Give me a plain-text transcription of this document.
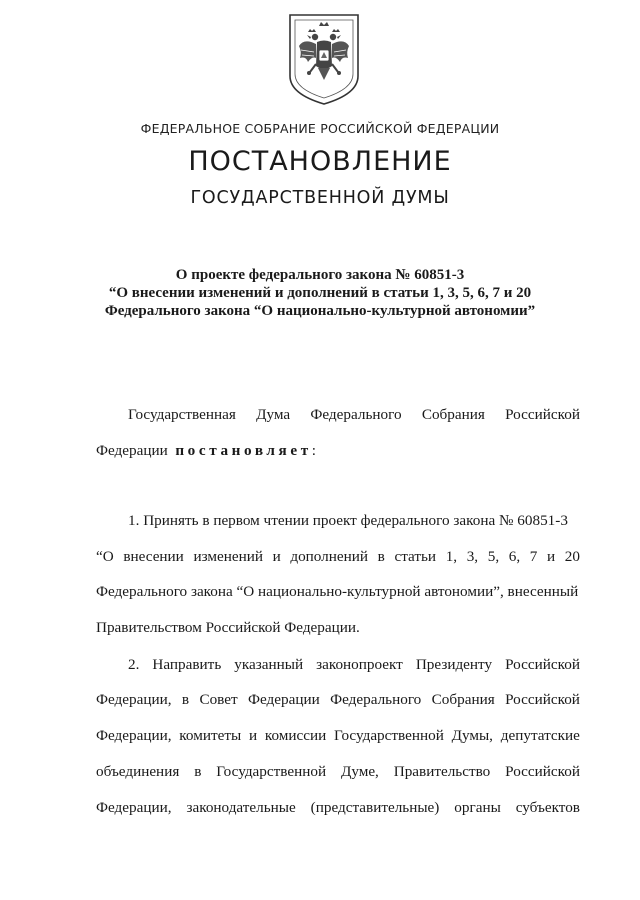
ФЕДЕРАЛЬНОЕ СОБРАНИЕ РОССИЙСКОЙ ФЕДЕРАЦИИ
ПОСТАНОВЛЕНИЕ
ГОСУДАРСТВЕННОЙ ДУМЫ
О проекте федерального закона № 60851-3
“О внесении изменений и дополнений в статьи 1, 3, 5, 6, 7 и 20
Федерального закона “О национально-культурной автономии”
Государственная Дума Федерального Собрания Российской
Федерации постановляет:
1. Принять в первом чтении проект федерального закона № 60851-3
“О внесении изменений и дополнений в статьи 1, 3, 5, 6, 7 и 20
Федерального закона “О национально-культурной автономии”, внесенный
Правительством Российской Федерации.
2. Направить указанный законопроект Президенту Российской
Федерации, в Совет Федерации Федерального Собрания Российской
Федерации, комитеты и комиссии Государственной Думы, депутатские
объединения в Государственной Думе, Правительство Российской
Федерации, законодательные (представительные) органы субъектов
